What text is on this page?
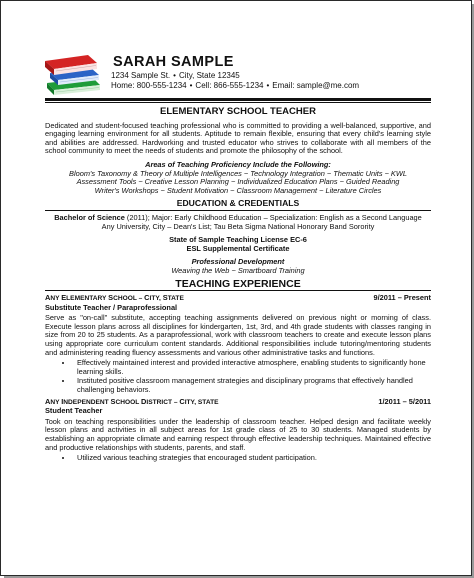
SARAH SAMPLE
1234 Sample St. • City, State 12345
Home: 800-555-1234 • Cell: 866-555-1234 • Email: sample@me.com

ELEMENTARY SCHOOL TEACHER

Dedicated and student-focused teaching professional who is committed to providing a well-balanced, supportive, and engaging learning environment for all students. Aptitude to remain flexible, ensuring that every child's learning style and abilities are addressed. Hardworking and trusted educator who strives to collaborate with all members of the school community to meet the needs of students and promote the philosophy of the school.

Areas of Teaching Proficiency Include the Following:

Bloom's Taxonomy & Theory of Multiple Intelligences ~ Technology Integration ~ Thematic Units ~ KWL

Assessment Tools ~ Creative Lesson Planning ~ Individualized Education Plans ~ Guided Reading

Writer's Workshops ~ Student Motivation ~ Classroom Management ~ Literature Circles

EDUCATION & CREDENTIALS

Bachelor of Science (2011); Major: Early Childhood Education – Specialization: English as a Second Language

Any University, City – Dean's List; Tau Beta Sigma National Honorary Band Sorority

State of Sample Teaching License EC-6

ESL Supplemental Certificate

Professional Development

Weaving the Web ~ Smartboard Training

TEACHING EXPERIENCE
ANY ELEMENTARY SCHOOL – CITY, STATE	9/2011 – Present

Substitute Teacher / Paraprofessional

Serve as "on-call" substitute, accepting teaching assignments delivered on previous night or morning of class. Execute lesson plans across all disciplines for kindergarten, 1st, 3rd, and 4th grade students with classes ranging in size from 20 to 25 students. As a paraprofessional, work with classroom teachers to create and execute lesson plans using appropriate core curriculum content standards. Additional responsibilities include tutoring/mentoring students and administering reading fluency assessments and various other administrative tasks and functions.

• Effectively maintained interest and provided interactive atmosphere, enabling students to significantly hone learning skills.
• Instituted positive classroom management strategies and disciplinary programs that effectively handled challenging behaviors.
ANY INDEPENDENT SCHOOL DISTRICT – CITY, STATE	1/2011 – 5/2011

Student Teacher

Took on teaching responsibilities under the leadership of classroom teacher. Helped design and facilitate weekly lesson plans and activities in all subject areas for 1st grade class of 25 to 30 students. Managed students by establishing an appropriate climate and earning respect through effective leadership techniques. Maintained effective and productive relationships with students, parents, and staff.

• Utilized various teaching strategies that encouraged student participation.
